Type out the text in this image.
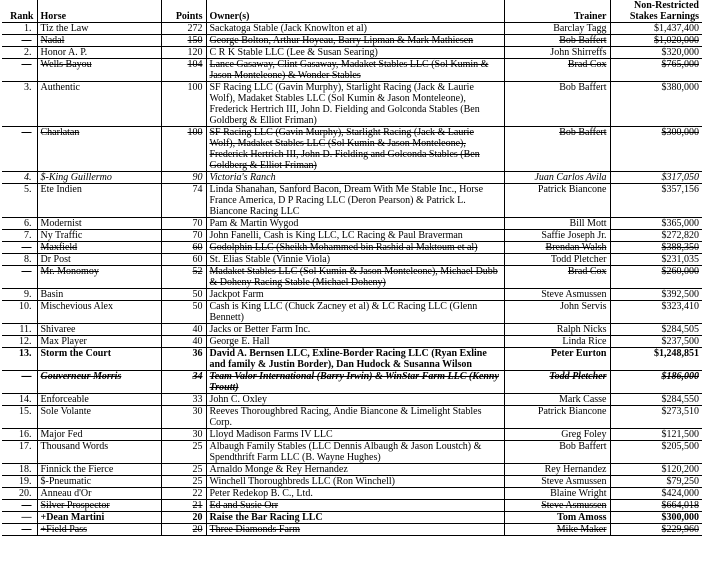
Rank	Horse	Points	Owner(s)	Trainer	Non-Restricted
Stakes Earnings

1.	Tiz the Law	272	Sackatoga Stable (Jack Knowlton et al)	Barclay Tagg	$1,437,400
—	Nadal	150	George Bolton, Arthur Hoyeau, Barry Lipman & Mark Mathiesen	Bob Baffert	$1,020,000
2.	Honor A. P.	120	C R K Stable LLC (Lee & Susan Searing)	John Shirreffs	$320,000
—	Wells Bayou	104	Lance Gasaway, Clint Gasaway, Madaket Stables LLC (Sol Kumin & Jason Monteleone) & Wonder Stables	Brad Cox	$765,000
3.	Authentic	100	SF Racing LLC (Gavin Murphy), Starlight Racing (Jack & Laurie Wolf), Madaket Stables LLC (Sol Kumin & Jason Monteleone), Frederick Hertrich III, John D. Fielding and Golconda Stables (Ben Goldberg & Elliot Friman)	Bob Baffert	$380,000
—	Charlatan	100	SF Racing LLC (Gavin Murphy), Starlight Racing (Jack & Laurie Wolf), Madaket Stables LLC (Sol Kumin & Jason Monteleone), Frederick Hertrich III, John D. Fielding and Golconda Stables (Ben Goldberg & Elliot Friman)	Bob Baffert	$300,000
4.	$-King Guillermo	90	Victoria's Ranch	Juan Carlos Avila	$317,050
5.	Ete Indien	74	Linda Shanahan, Sanford Bacon, Dream With Me Stable Inc., Horse France America, D P Racing LLC (Deron Pearson) & Patrick L. Biancone Racing LLC	Patrick Biancone	$357,156
6.	Modernist	70	Pam & Martin Wygod	Bill Mott	$365,000
7.	Ny Traffic	70	John Fanelli, Cash is King LLC, LC Racing & Paul Braverman	Saffie Joseph Jr.	$272,820
—	Maxfield	60	Godolphin LLC (Sheikh Mohammed bin Rashid al Maktoum et al)	Brendan Walsh	$388,350
8.	Dr Post	60	St. Elias Stable (Vinnie Viola)	Todd Pletcher	$231,035
—	Mr. Monomoy	52	Madaket Stables LLC (Sol Kumin & Jason Monteleone), Michael Dubb & Doheny Racing Stable (Michael Doheny)	Brad Cox	$260,000
9.	Basin	50	Jackpot Farm	Steve Asmussen	$392,500
10.	Mischevious Alex	50	Cash is King LLC (Chuck Zacney et al) & LC Racing LLC (Glenn Bennett)	John Servis	$323,410
11.	Shivaree	40	Jacks or Better Farm Inc.	Ralph Nicks	$284,505
12.	Max Player	40	George E. Hall	Linda Rice	$237,500
13.	Storm the Court	36	David A. Bernsen LLC, Exline-Border Racing LLC (Ryan Exline and family & Justin Border), Dan Hudock & Susanna Wilson	Peter Eurton	$1,248,851
—	Gouverneur Morris	34	Team Valor International (Barry Irwin) & WinStar Farm LLC (Kenny Troutt)	Todd Pletcher	$186,000
14.	Enforceable	33	John C. Oxley	Mark Casse	$284,550
15.	Sole Volante	30	Reeves Thoroughbred Racing, Andie Biancone & Limelight Stables Corp.	Patrick Biancone	$273,510
16.	Major Fed	30	Lloyd Madison Farms IV LLC	Greg Foley	$121,500
17.	Thousand Words	25	Albaugh Family Stables (LLC Dennis Albaugh & Jason Loustch) & Spendthrift Farm LLC (B. Wayne Hughes)	Bob Baffert	$205,500
18.	Finnick the Fierce	25	Arnaldo Monge & Rey Hernandez	Rey Hernandez	$120,200
19.	$-Pneumatic	25	Winchell Thoroughbreds LLC (Ron Winchell)	Steve Asmussen	$79,250
20.	Anneau d'Or	22	Peter Redekop B. C., Ltd.	Blaine Wright	$424,000
—	Silver Prospector	21	Ed and Susie Orr	Steve Asmussen	$664,018
—	+Dean Martini	20	Raise the Bar Racing LLC	Tom Amoss	$300,000
—	+Field Pass	20	Three Diamonds Farm	Mike Maker	$229,960
